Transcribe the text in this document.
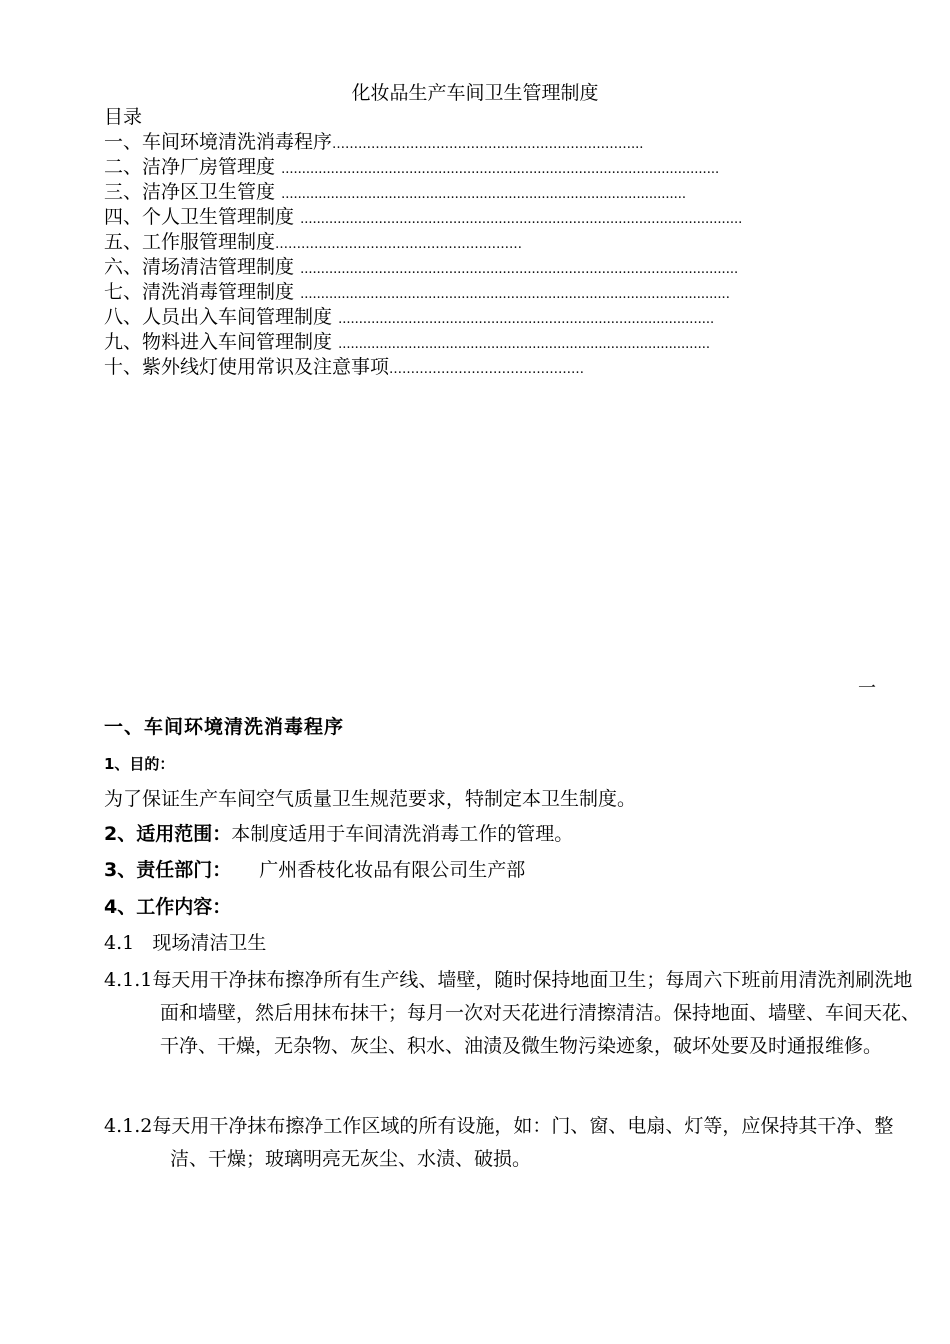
化妆品生产车间卫生管理制度
目录
一、车间环境清洗消毒程序……………………………………………………………...
二、洁净厂房管理度 ..........................................................................................................
三、洁净区卫生管度 ..................................................................................................
四、个人卫生管理制度 ...........................................................................................................
五、工作服管理制度…………………………………………………
六、清场清洁管理制度 ..........................................................................................................
七、清洗消毒管理制度 ........................................................................................................
八、人员出入车间管理制度 ...........................................................................................
九、物料进入车间管理制度 ..........................................................................................
十、紫外线灯使用常识及注意事项………………………………………
一
一、车间环境清洗消毒程序
1、目的：
为了保证生产车间空气质量卫生规范要求，特制定本卫生制度。
2、适用范围：本制度适用于车间清洗消毒工作的管理。
3、责任部门： 广州香枝化妆品有限公司生产部
4、工作内容：
4.1   现场清洁卫生
4.1.1每天用干净抹布擦净所有生产线、墙壁，随时保持地面卫生；每周六下班前用清洗剂刷洗地面和墙壁，然后用抹布抹干；每月一次对天花进行清擦清洁。保持地面、墙壁、车间天花、干净、干燥，无杂物、灰尘、积水、油渍及微生物污染迹象，破坏处要及时通报维修。
4.1.2每天用干净抹布擦净工作区域的所有设施，如：门、窗、电扇、灯等，应保持其干净、整洁、干燥；玻璃明亮无灰尘、水渍、破损。
